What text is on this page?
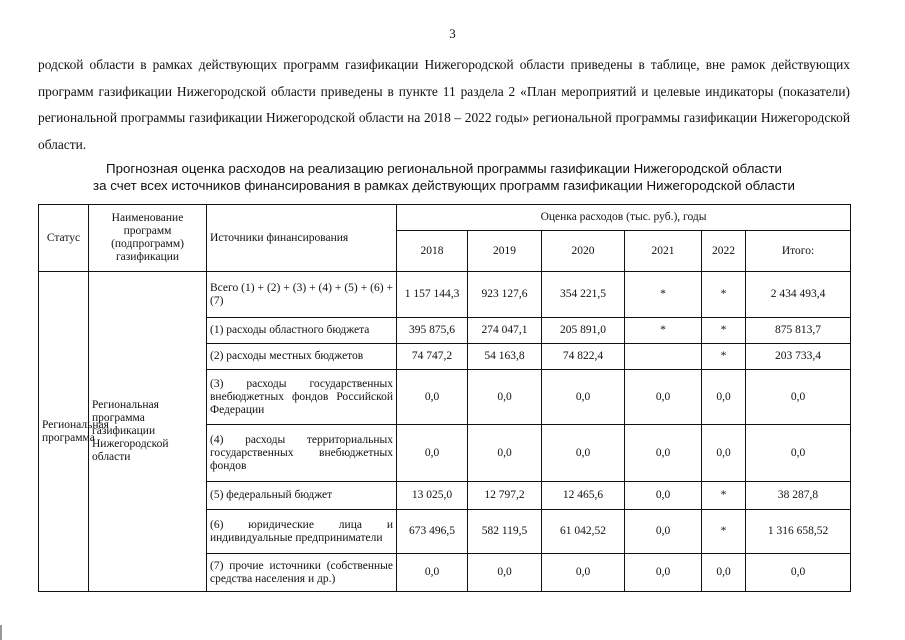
3
родской области в рамках действующих программ газификации Нижегородской области приведены в таблице, вне рамок действующих программ газификации Нижегородской области приведены в пункте 11 раздела 2 «План мероприятий и целевые индикаторы (показатели) региональной программы газификации Нижегородской области на 2018 – 2022 годы» региональной программы газификации Нижегородской области.
Прогнозная оценка расходов на реализацию региональной программы газификации Нижегородской области
за счет всех источников финансирования в рамках действующих программ газификации Нижегородской области
Статус	Наименование программ (подпрограмм) газификации	Источники финансирования	Оценка расходов (тыс. руб.), годы					
			2018	2019	2020	2021	2022	Итого:
Региональная программа	Региональная программа газификации Нижегородской области	Всего (1) + (2) + (3) + (4) + (5) + (6) + (7)	1 157 144,3	923 127,6	354 221,5	*	*	2 434 493,4
		(1) расходы областного бюджета	395 875,6	274 047,1	205 891,0	*	*	875 813,7
		(2) расходы местных бюджетов	74 747,2	54 163,8	74 822,4		*	203 733,4
		(3) расходы государственных внебюджетных фондов Российской Федерации	0,0	0,0	0,0	0,0	0,0	0,0
		(4) расходы территориальных государственных внебюджетных фондов	0,0	0,0	0,0	0,0	0,0	0,0
		(5) федеральный бюджет	13 025,0	12 797,2	12 465,6	0,0	*	38 287,8
		(6) юридические лица и индивидуальные предприниматели	673 496,5	582 119,5	61 042,52	0,0	*	1 316 658,52
		(7) прочие источники (собственные средства населения и др.)	0,0	0,0	0,0	0,0	0,0	0,0
